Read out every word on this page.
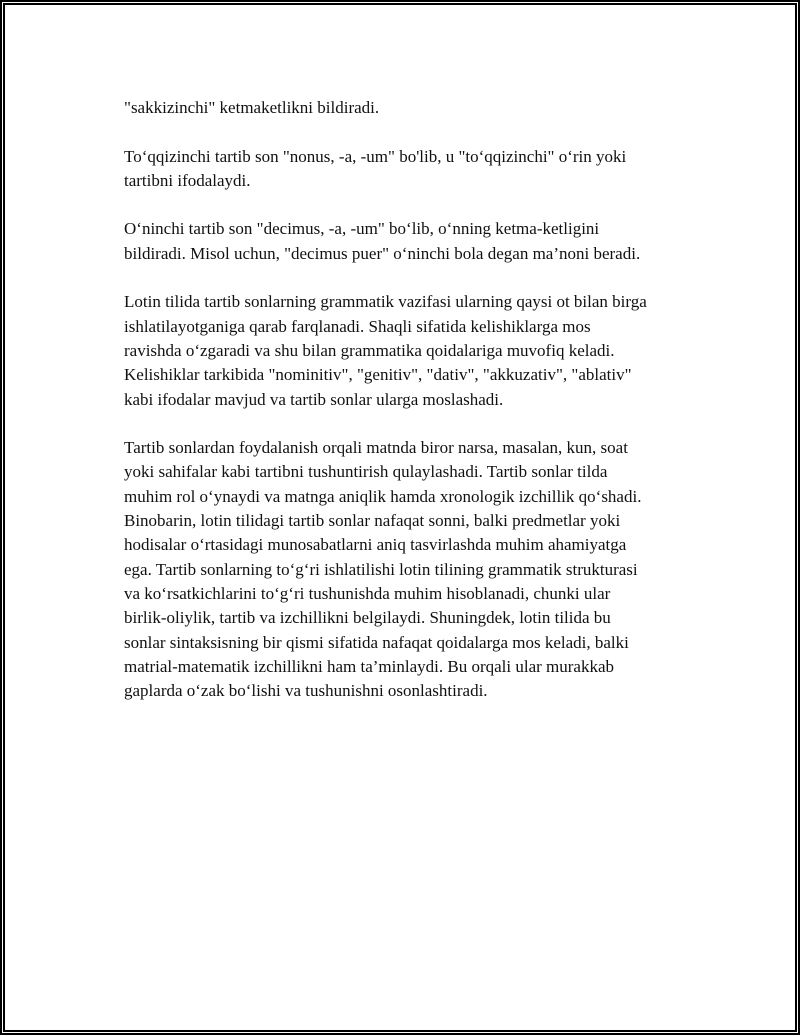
"sakkizinchi" ketmaketlikni bildiradi.

To‘qqizinchi tartib son "nonus, -a, -um" bo'lib, u "to‘qqizinchi" o‘rin yoki
tartibni ifodalaydi.

O‘ninchi tartib son "decimus, -a, -um" bo‘lib, o‘nning ketma-ketligini
bildiradi. Misol uchun, "decimus puer" o‘ninchi bola degan ma’noni beradi.

Lotin tilida tartib sonlarning grammatik vazifasi ularning qaysi ot bilan birga
ishlatilayotganiga qarab farqlanadi. Shaqli sifatida kelishiklarga mos
ravishda o‘zgaradi va shu bilan grammatika qoidalariga muvofiq keladi.
Kelishiklar tarkibida "nominitiv", "genitiv", "dativ", "akkuzativ", "ablativ"
kabi ifodalar mavjud va tartib sonlar ularga moslashadi.

Tartib sonlardan foydalanish orqali matnda biror narsa, masalan, kun, soat
yoki sahifalar kabi tartibni tushuntirish qulaylashadi. Tartib sonlar tilda
muhim rol o‘ynaydi va matnga aniqlik hamda xronologik izchillik qo‘shadi.
Binobarin, lotin tilidagi tartib sonlar nafaqat sonni, balki predmetlar yoki
hodisalar o‘rtasidagi munosabatlarni aniq tasvirlashda muhim ahamiyatga
ega. Tartib sonlarning to‘g‘ri ishlatilishi lotin tilining grammatik strukturasi
va ko‘rsatkichlarini to‘g‘ri tushunishda muhim hisoblanadi, chunki ular
birlik-oliylik, tartib va izchillikni belgilaydi. Shuningdek, lotin tilida bu
sonlar sintaksisning bir qismi sifatida nafaqat qoidalarga mos keladi, balki
matrial-matematik izchillikni ham ta’minlaydi. Bu orqali ular murakkab
gaplarda o‘zak bo‘lishi va tushunishni osonlashtiradi.
